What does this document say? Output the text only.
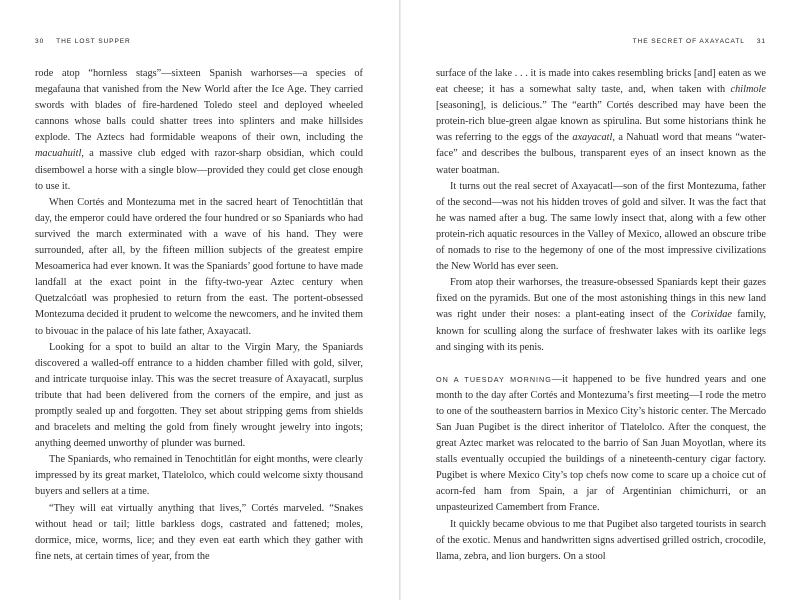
30 THE LOST SUPPER

rode atop “hornless stags”—sixteen Spanish warhorses—a species of megafauna that vanished from the New World after the Ice Age. They carried swords with blades of fire-hardened Toledo steel and deployed wheeled cannons whose balls could shatter trees into splinters and make hillsides explode. The Aztecs had formidable weapons of their own, including the macuahuitl, a massive club edged with razor-sharp obsidian, which could disembowel a horse with a single blow—provided they could get close enough to use it.

When Cortés and Montezuma met in the sacred heart of Tenochtitlán that day, the emperor could have ordered the four hundred or so Spaniards who had survived the march exterminated with a wave of his hand. They were surrounded, after all, by the fifteen million subjects of the greatest empire Mesoamerica had ever known. It was the Spaniards’ good fortune to have made landfall at the exact point in the fifty-two-year Aztec century when Quetzalcóatl was prophesied to return from the east. The portent-obsessed Montezuma decided it prudent to welcome the newcomers, and he invited them to bivouac in the palace of his late father, Axayacatl.

Looking for a spot to build an altar to the Virgin Mary, the Spaniards discovered a walled-off entrance to a hidden chamber filled with gold, silver, and intricate turquoise inlay. This was the secret treasure of Axayacatl, surplus tribute that had been delivered from the corners of the empire, and just as promptly sealed up and forgotten. They set about stripping gems from shields and bracelets and melting the gold from finely wrought jewelry into ingots; anything deemed unworthy of plunder was burned.

The Spaniards, who remained in Tenochtitlán for eight months, were clearly impressed by its great market, Tlatelolco, which could welcome sixty thousand buyers and sellers at a time.

“They will eat virtually anything that lives,” Cortés marveled. “Snakes without head or tail; little barkless dogs, castrated and fattened; moles, dormice, mice, worms, lice; and they even eat earth which they gather with fine nets, at certain times of year, from the

THE SECRET OF AXAYACATL 31

surface of the lake . . . it is made into cakes resembling bricks [and] eaten as we eat cheese; it has a somewhat salty taste, and, when taken with chilmole [seasoning], is delicious.” The “earth” Cortés described may have been the protein-rich blue-green algae known as spirulina. But some historians think he was referring to the eggs of the axayacatl, a Nahuatl word that means “water-face” and describes the bulbous, transparent eyes of an insect known as the water boatman.

It turns out the real secret of Axayacatl—son of the first Montezuma, father of the second—was not his hidden troves of gold and silver. It was the fact that he was named after a bug. The same lowly insect that, along with a few other protein-rich aquatic resources in the Valley of Mexico, allowed an obscure tribe of nomads to rise to the hegemony of one of the most impressive civilizations the New World has ever seen.

From atop their warhorses, the treasure-obsessed Spaniards kept their gazes fixed on the pyramids. But one of the most astonishing things in this new land was right under their noses: a plant-eating insect of the Corixidae family, known for sculling along the surface of freshwater lakes with its oarlike legs and singing with its penis.

ON A TUESDAY MORNING—it happened to be five hundred years and one month to the day after Cortés and Montezuma’s first meeting—I rode the metro to one of the southeastern barrios in Mexico City’s historic center. The Mercado San Juan Pugibet is the direct inheritor of Tlatelolco. After the conquest, the great Aztec market was relocated to the barrio of San Juan Moyotlan, where its stalls eventually occupied the buildings of a nineteenth-century cigar factory. Pugibet is where Mexico City’s top chefs now come to scare up a choice cut of acorn-fed ham from Spain, a jar of Argentinian chimichurri, or an unpasteurized Camembert from France.

It quickly became obvious to me that Pugibet also targeted tourists in search of the exotic. Menus and handwritten signs advertised grilled ostrich, crocodile, llama, zebra, and lion burgers. On a stool
